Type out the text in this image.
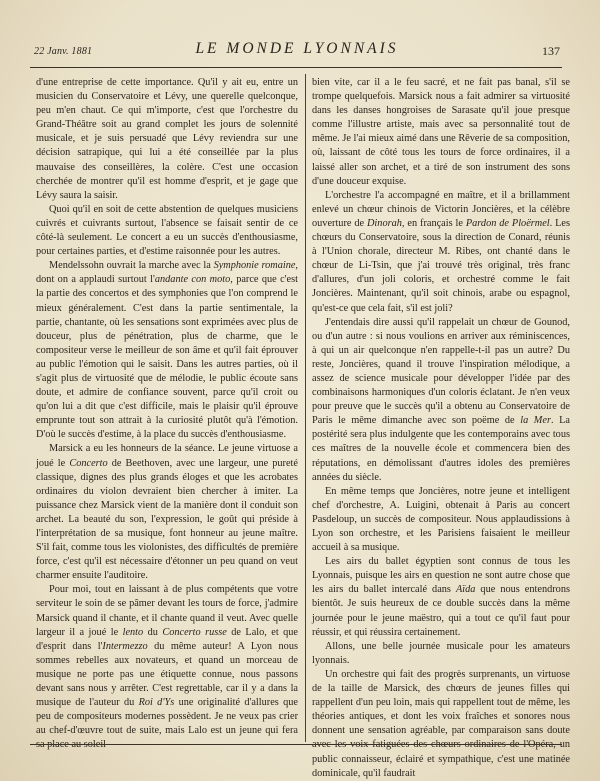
22 Janv. 1881	LE MONDE LYONNAIS	137

d'une entreprise de cette importance. Qu'il y ait eu, entre un musicien du Conservatoire et Lévy, une querelle quelconque, peu m'en chaut. Ce qui m'importe, c'est que l'orchestre du Grand-Théâtre soit au grand complet les jours de solennité musicale, et je suis persuadé que Lévy reviendra sur une décision satrapique, qui lui a été conseillée par la plus mauvaise des conseillères, la colère. C'est une occasion cherchée de montrer qu'il est homme d'esprit, et je gage que Lévy saura la saisir.

Quoi qu'il en soit de cette abstention de quelques musiciens cuivrés et cuivrants surtout, l'absence se faisait sentir de ce côté-là seulement. Le concert a eu un succès d'enthousiasme, pour certaines parties, et d'estime raisonnée pour les autres.

Mendelssohn ouvrait la marche avec la Symphonie romaine, dont on a applaudi surtout l'andante con moto, parce que c'est la partie des concertos et des symphonies que l'on comprend le mieux généralement. C'est dans la partie sentimentale, la partie, chantante, où les sensations sont exprimées avec plus de douceur, plus de pénétration, plus de charme, que le compositeur verse le meilleur de son âme et qu'il fait éprouver au public l'émotion qui le saisit. Dans les autres parties, où il s'agit plus de virtuosité que de mélodie, le public écoute sans doute, et admire de confiance souvent, parce qu'il croit ou qu'on lui a dit que c'est difficile, mais le plaisir qu'il éprouve emprunte tout son attrait à la curiosité plutôt qu'à l'émotion. D'où le succès d'estime, à la place du succès d'enthousiasme.

Marsick a eu les honneurs de la séance. Le jeune virtuose a joué le Concerto de Beethoven, avec une largeur, une pureté classique, dignes des plus grands éloges et que les acrobates ordinaires du violon devraient bien chercher à imiter. La puissance chez Marsick vient de la manière dont il conduit son archet. La beauté du son, l'expression, le goût qui préside à l'interprétation de sa musique, font honneur au jeune maître. S'il fait, comme tous les violonistes, des difficultés de première force, c'est qu'il est nécessaire d'étonner un peu quand on veut charmer ensuite l'auditoire.

Pour moi, tout en laissant à de plus compétents que votre serviteur le soin de se pâmer devant les tours de force, j'admire Marsick quand il chante, et il chante quand il veut. Avec quelle largeur il a joué le lento du Concerto russe de Lalo, et que d'esprit dans l'Intermezzo du même auteur! A Lyon nous sommes rebelles aux novateurs, et quand un morceau de musique ne porte pas une étiquette connue, nous passons devant sans nous y arrêter. C'est regrettable, car il y a dans la musique de l'auteur du Roi d'Ys une originalité d'allures que peu de compositeurs modernes possèdent. Je ne veux pas crier au chef-d'œuvre tout de suite, mais Lalo est un jeune qui fera sa place au soleil

bien vite, car il a le feu sacré, et ne fait pas banal, s'il se trompe quelquefois. Marsick nous a fait admirer sa virtuosité dans les danses hongroises de Sarasate qu'il joue presque comme l'illustre artiste, mais avec sa personnalité tout de même. Je l'ai mieux aimé dans une Rêverie de sa composition, où, laissant de côté tous les tours de force ordinaires, il a laissé aller son archet, et a tiré de son instrument des sons d'une douceur exquise.

L'orchestre l'a accompagné en maître, et il a brillamment enlevé un chœur chinois de Victorin Joncières, et la célèbre ouverture de Dinorah, en français le Pardon de Ploërmel. Les chœurs du Conservatoire, sous la direction de Conard, réunis à l'Union chorale, directeur M. Ribes, ont chanté dans le chœur de Li-Tsin, que j'ai trouvé très original, très franc d'allures, d'un joli coloris, et orchestré comme le fait Joncières. Maintenant, qu'il soit chinois, arabe ou espagnol, qu'est-ce que cela fait, s'il est joli?

J'entendais dire aussi qu'il rappelait un chœur de Gounod, ou d'un autre : si nous voulions en arriver aux réminiscences, à qui un air quelconque n'en rappelle-t-il pas un autre? Du reste, Joncières, quand il trouve l'inspiration mélodique, a assez de science musicale pour développer l'idée par des combinaisons harmoniques d'un coloris éclatant. Je n'en veux pour preuve que le succès qu'il a obtenu au Conservatoire de Paris le même dimanche avec son poëme de la Mer. La postérité sera plus indulgente que les contemporains avec tous ces maîtres de la nouvelle école et commencera bien des réputations, en démolissant d'autres idoles des premières années du siècle.

En même temps que Joncières, notre jeune et intelligent chef d'orchestre, A. Luigini, obtenait à Paris au concert Pasdeloup, un succès de compositeur. Nous applaudissions à Lyon son orchestre, et les Parisiens faisaient le meilleur accueil à sa musique.

Les airs du ballet égyptien sont connus de tous les Lyonnais, puisque les airs en question ne sont autre chose que les airs du ballet intercalé dans Aïda que nous entendrons bientôt. Je suis heureux de ce double succès dans la même journée pour le jeune maëstro, qui a tout ce qu'il faut pour réussir, et qui réussira certainement.

Allons, une belle journée musicale pour les amateurs lyonnais.

Un orchestre qui fait des progrès surprenants, un virtuose de la taille de Marsick, des chœurs de jeunes filles qui rappellent d'un peu loin, mais qui rappellent tout de même, les théories antiques, et dont les voix fraîches et sonores nous donnent une sensation agréable, par comparaison sans doute avec les voix fatiguées des chœurs ordinaires de l'Opéra, un public connaisseur, éclairé et sympathique, c'est une matinée dominicale, qu'il faudrait
